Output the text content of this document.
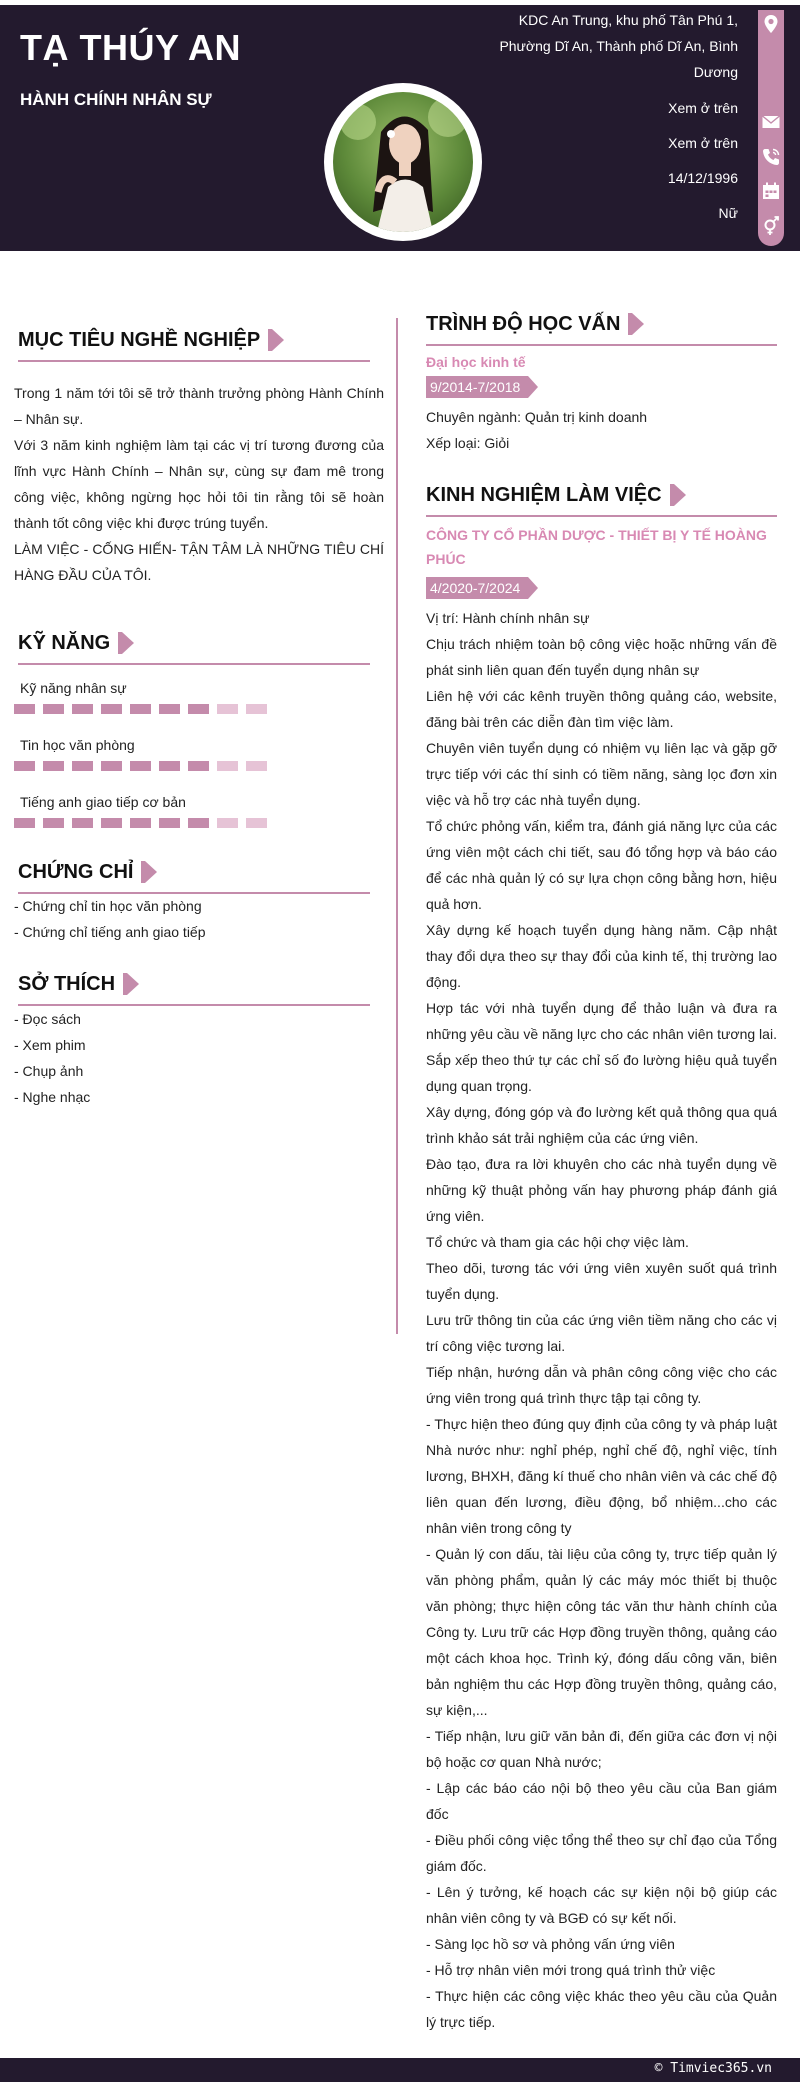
TẠ THÚY AN
HÀNH CHÍNH NHÂN SỰ
KDC An Trung, khu phố Tân Phú 1, Phường Dĩ An, Thành phố Dĩ An, Bình Dương
Xem ở trên
Xem ở trên
14/12/1996
Nữ
MỤC TIÊU NGHỀ NGHIỆP

Trong 1 năm tới tôi sẽ trở thành trưởng phòng Hành Chính – Nhân sự.

Với 3 năm kinh nghiệm làm tại các vị trí tương đương của lĩnh vực Hành Chính – Nhân sự, cùng sự đam mê trong công việc, không ngừng học hỏi tôi tin rằng tôi sẽ hoàn thành tốt công việc khi được trúng tuyển.

LÀM VIỆC - CỐNG HIẾN- TẬN TÂM LÀ NHỮNG TIÊU CHÍ HÀNG ĐẦU CỦA TÔI.

KỸ NĂNG
Kỹ năng nhân sự
Tin học văn phòng
Tiếng anh giao tiếp cơ bản
CHỨNG CHỈ
- Chứng chỉ tin học văn phòng
- Chứng chỉ tiếng anh giao tiếp
SỞ THÍCH
- Đọc sách
- Xem phim
- Chụp ảnh
- Nghe nhạc
TRÌNH ĐỘ HỌC VẤN
Đại học kinh tế
9/2014-7/2018
Chuyên ngành: Quản trị kinh doanh
Xếp loại: Giỏi
KINH NGHIỆM LÀM VIỆC
CÔNG TY CỔ PHẦN DƯỢC - THIẾT BỊ Y TẾ HOÀNG PHÚC
4/2020-7/2024
Vị trí: Hành chính nhân sự
Chịu trách nhiệm toàn bộ công việc hoặc những vấn đề phát sinh liên quan đến tuyển dụng nhân sự
Liên hệ với các kênh truyền thông quảng cáo, website, đăng bài trên các diễn đàn tìm việc làm.
Chuyên viên tuyển dụng có nhiệm vụ liên lạc và gặp gỡ trực tiếp với các thí sinh có tiềm năng, sàng lọc đơn xin việc và hỗ trợ các nhà tuyển dụng.
Tổ chức phỏng vấn, kiểm tra, đánh giá năng lực của các ứng viên một cách chi tiết, sau đó tổng hợp và báo cáo để các nhà quản lý có sự lựa chọn công bằng hơn, hiệu quả hơn.
Xây dựng kế hoạch tuyển dụng hàng năm. Cập nhật thay đổi dựa theo sự thay đổi của kinh tế, thị trường lao động.
Hợp tác với nhà tuyển dụng để thảo luận và đưa ra những yêu cầu về năng lực cho các nhân viên tương lai.
Sắp xếp theo thứ tự các chỉ số đo lường hiệu quả tuyển dụng quan trọng.
Xây dựng, đóng góp và đo lường kết quả thông qua quá trình khảo sát trải nghiệm của các ứng viên.
Đào tạo, đưa ra lời khuyên cho các nhà tuyển dụng về những kỹ thuật phỏng vấn hay phương pháp đánh giá ứng viên.
Tổ chức và tham gia các hội chợ việc làm.
Theo dõi, tương tác với ứng viên xuyên suốt quá trình tuyển dụng.
Lưu trữ thông tin của các ứng viên tiềm năng cho các vị trí công việc tương lai.
Tiếp nhận, hướng dẫn và phân công công việc cho các ứng viên trong quá trình thực tập tại công ty.
- Thực hiện theo đúng quy định của công ty và pháp luật Nhà nước như: nghỉ phép, nghỉ chế độ, nghỉ việc, tính lương, BHXH, đăng kí thuế cho nhân viên và các chế độ liên quan đến lương, điều động, bổ nhiệm...cho các nhân viên trong công ty
- Quản lý con dấu, tài liệu của công ty, trực tiếp quản lý văn phòng phẩm, quản lý các máy móc thiết bị thuộc văn phòng; thực hiện công tác văn thư hành chính của Công ty. Lưu trữ các Hợp đồng truyền thông, quảng cáo một cách khoa học. Trình ký, đóng dấu công văn, biên bản nghiệm thu các Hợp đồng truyền thông, quảng cáo, sự kiện,...
- Tiếp nhận, lưu giữ văn bản đi, đến giữa các đơn vị nội bộ hoặc cơ quan Nhà nước;
- Lập các báo cáo nội bộ theo yêu cầu của Ban giám đốc
- Điều phối công việc tổng thể theo sự chỉ đạo của Tổng giám đốc.
- Lên ý tưởng, kế hoạch các sự kiện nội bộ giúp các nhân viên công ty và BGĐ có sự kết nối.
- Sàng lọc hồ sơ và phỏng vấn ứng viên
- Hỗ trợ nhân viên mới trong quá trình thử việc
- Thực hiện các công việc khác theo yêu cầu của Quản lý trực tiếp.
© Timviec365.vn
